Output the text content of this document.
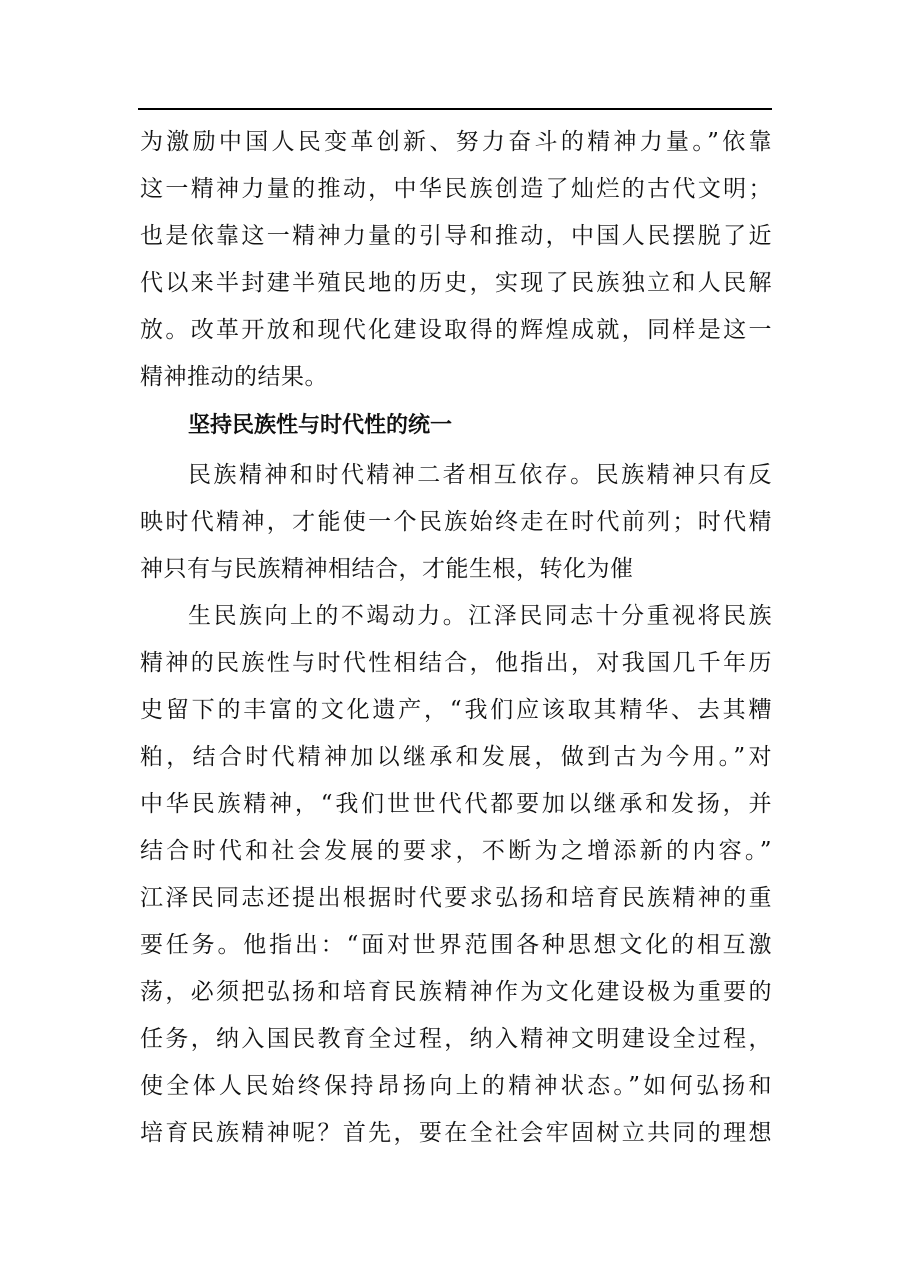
为激励中国人民变革创新、努力奋斗的精神力量。”依靠
这一精神力量的推动，中华民族创造了灿烂的古代文明；
也是依靠这一精神力量的引导和推动，中国人民摆脱了近
代以来半封建半殖民地的历史，实现了民族独立和人民解
放。改革开放和现代化建设取得的辉煌成就，同样是这一
精神推动的结果。
坚持民族性与时代性的统一
民族精神和时代精神二者相互依存。民族精神只有反
映时代精神，才能使一个民族始终走在时代前列；时代精
神只有与民族精神相结合，才能生根，转化为催
生民族向上的不竭动力。江泽民同志十分重视将民族
精神的民族性与时代性相结合，他指出，对我国几千年历
史留下的丰富的文化遗产，“我们应该取其精华、去其糟
粕，结合时代精神加以继承和发展，做到古为今用。”对
中华民族精神，“我们世世代代都要加以继承和发扬，并
结合时代和社会发展的要求，不断为之增添新的内容。”
江泽民同志还提出根据时代要求弘扬和培育民族精神的重
要任务。他指出：“面对世界范围各种思想文化的相互激
荡，必须把弘扬和培育民族精神作为文化建设极为重要的
任务，纳入国民教育全过程，纳入精神文明建设全过程，
使全体人民始终保持昂扬向上的精神状态。”如何弘扬和
培育民族精神呢？首先，要在全社会牢固树立共同的理想
